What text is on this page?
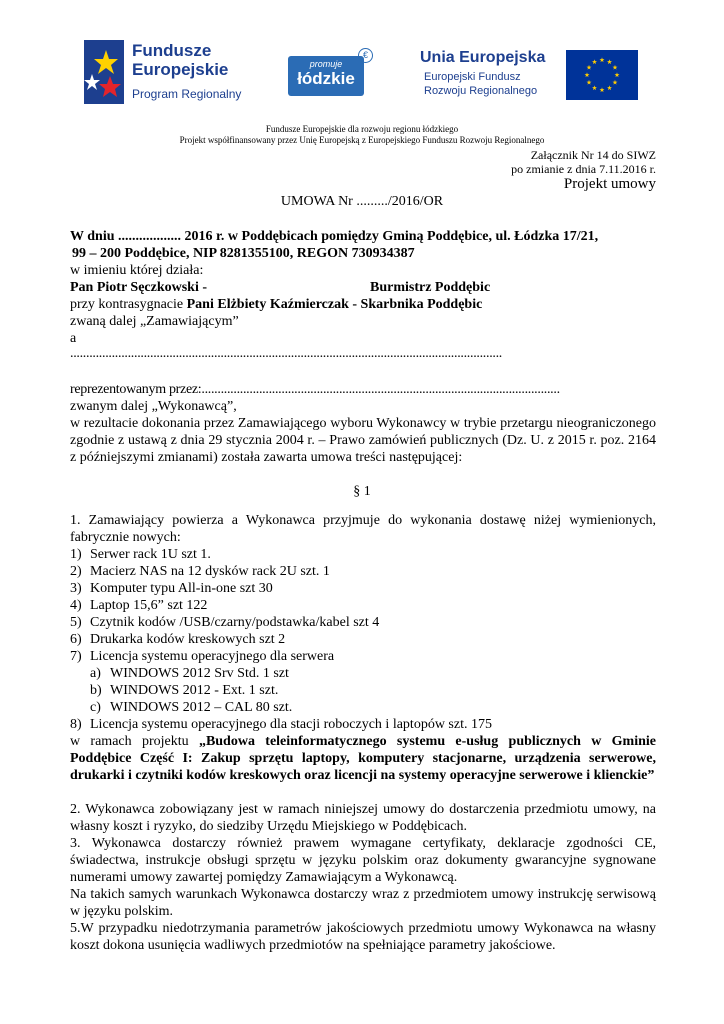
Fundusze
Europejskie
Program Regionalny
promuje
łódzkie
€	Unia Europejska
Europejski Fundusz
Rozwoju Regionalnego
Fundusze Europejskie dla rozwoju regionu łódzkiego
Projekt współfinansowany przez Unię Europejską z Europejskiego Funduszu Rozwoju Regionalnego
Załącznik Nr 14 do SIWZ
po zmianie z dnia 7.11.2016 r.
Projekt umowy
UMOWA Nr ........./2016/OR
W dniu .................. 2016 r. w Poddębicach pomiędzy Gminą Poddębice, ul. Łódzka 17/21,
99 – 200 Poddębice, NIP 8281355100, REGON 730934387
w imieniu której działa:
Pan Piotr Sęczkowski -	Burmistrz Poddębic
przy kontrasygnacie Pani Elżbiety Kaźmierczak - Skarbnika Poddębic
zwaną dalej „Zamawiającym”
a
.......................................................................................................................................
reprezentowanym przez:................................................................................................................
zwanym dalej „Wykonawcą”,
w rezultacie dokonania przez Zamawiającego wyboru Wykonawcy w trybie przetargu nieograniczonego zgodnie z ustawą z dnia 29 stycznia 2004 r. – Prawo zamówień publicznych (Dz. U. z 2015 r. poz. 2164 z późniejszymi zmianami) została zawarta umowa treści następującej:
§ 1
1. Zamawiający powierza a Wykonawca przyjmuje do wykonania dostawę niżej wymienionych, fabrycznie nowych:
1) Serwer rack 1U szt 1.
2) Macierz NAS na 12 dysków rack 2U szt. 1
3) Komputer typu All-in-one szt 30
4) Laptop 15,6” szt 122
5) Czytnik kodów /USB/czarny/podstawka/kabel szt 4
6) Drukarka kodów kreskowych szt 2
7) Licencja systemu operacyjnego dla serwera
a) WINDOWS 2012 Srv Std. 1 szt
b) WINDOWS 2012 - Ext. 1 szt.
c) WINDOWS 2012 – CAL 80 szt.
8) Licencja systemu operacyjnego dla stacji roboczych i laptopów szt. 175
w ramach projektu „Budowa teleinformatycznego systemu e-usług publicznych w Gminie Poddębice Część I: Zakup sprzętu laptopy, komputery stacjonarne, urządzenia serwerowe, drukarki i czytniki kodów kreskowych oraz licencji na systemy operacyjne serwerowe i klienckie”
2. Wykonawca zobowiązany jest w ramach niniejszej umowy do dostarczenia przedmiotu umowy, na własny koszt i ryzyko, do siedziby Urzędu Miejskiego w Poddębicach.
3. Wykonawca dostarczy również prawem wymagane certyfikaty, deklaracje zgodności CE, świadectwa, instrukcje obsługi sprzętu w języku polskim oraz dokumenty gwarancyjne sygnowane numerami umowy zawartej pomiędzy Zamawiającym a Wykonawcą.
Na takich samych warunkach Wykonawca dostarczy wraz z przedmiotem umowy instrukcję serwisową w języku polskim.
5.W przypadku niedotrzymania parametrów jakościowych przedmiotu umowy Wykonawca na własny koszt dokona usunięcia wadliwych przedmiotów na spełniające parametry jakościowe.
